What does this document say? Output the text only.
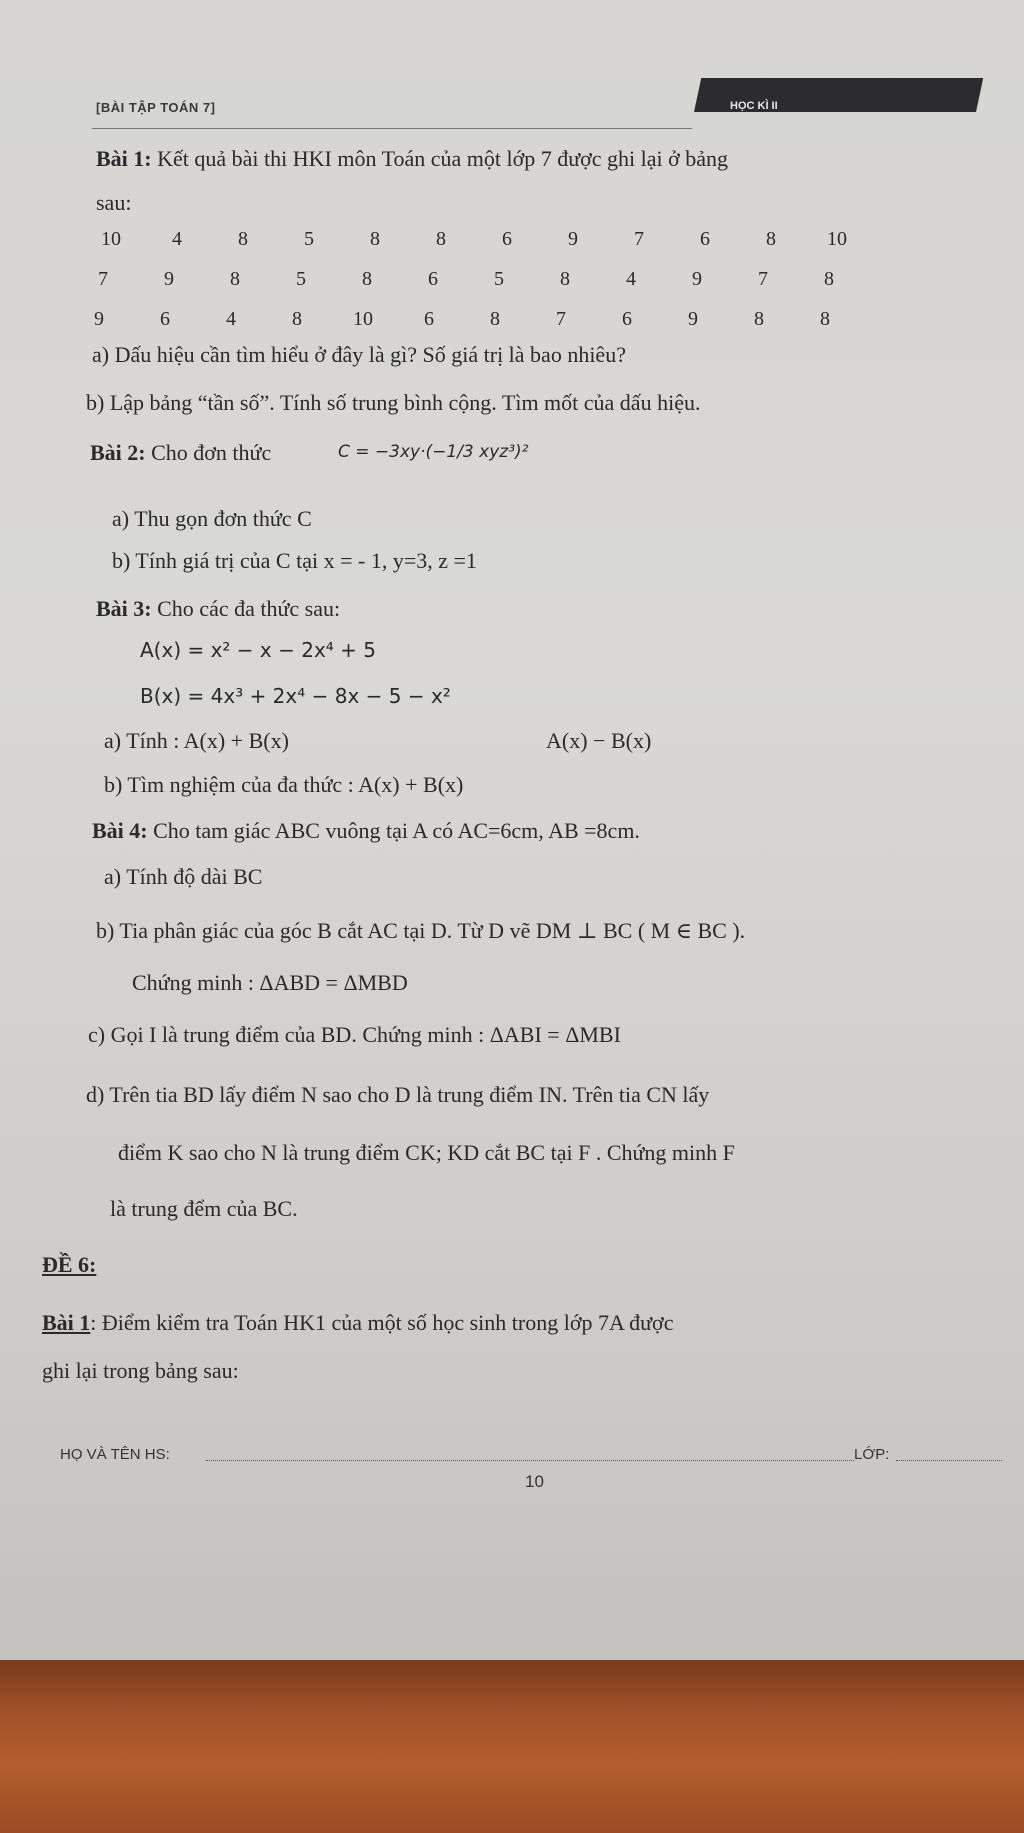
[BÀI TẬP TOÁN 7]	HỌC KÌ II
Bài 1: Kết quả bài thi HKI môn Toán của một lớp 7 được ghi lại ở bảng
sau:
10	4	8	5	8	8	6	9	7	6	8	10
7	9	8	5	8	6	5	8	4	9	7	8
9	6	4	8	10	6	8	7	6	9	8	8
a) Dấu hiệu cần tìm hiểu ở đây là gì? Số giá trị là bao nhiêu?
b) Lập bảng “tần số”. Tính số trung bình cộng. Tìm mốt của dấu hiệu.
Bài 2: Cho đơn thức	C = −3xy·(−1/3 xyz³)²
a) Thu gọn đơn thức C
b) Tính giá trị của C tại x = - 1, y=3, z =1
Bài 3: Cho các đa thức sau:
A(x) = x² − x − 2x⁴ + 5
B(x) = 4x³ + 2x⁴ − 8x − 5 − x²
a) Tính : A(x) + B(x)	A(x) − B(x)
b) Tìm nghiệm của đa thức : A(x) + B(x)
Bài 4: Cho tam giác ABC vuông tại A có AC=6cm, AB =8cm.
a) Tính độ dài BC
b) Tia phân giác của góc B cắt AC tại D. Từ D vẽ DM ⊥ BC ( M ∈ BC ).
Chứng minh : ΔABD = ΔMBD
c) Gọi I là trung điểm của BD. Chứng minh : ΔABI = ΔMBI
d) Trên tia BD lấy điểm N sao cho D là trung điểm IN. Trên tia CN lấy
điểm K sao cho N là trung điểm CK; KD cắt BC tại F . Chứng minh F
là trung đểm của BC.
ĐỀ 6:
Bài 1: Điểm kiểm tra Toán HK1 của một số học sinh trong lớp 7A được
ghi lại trong bảng sau:
HỌ VÀ TÊN HS:	LỚP:
10
